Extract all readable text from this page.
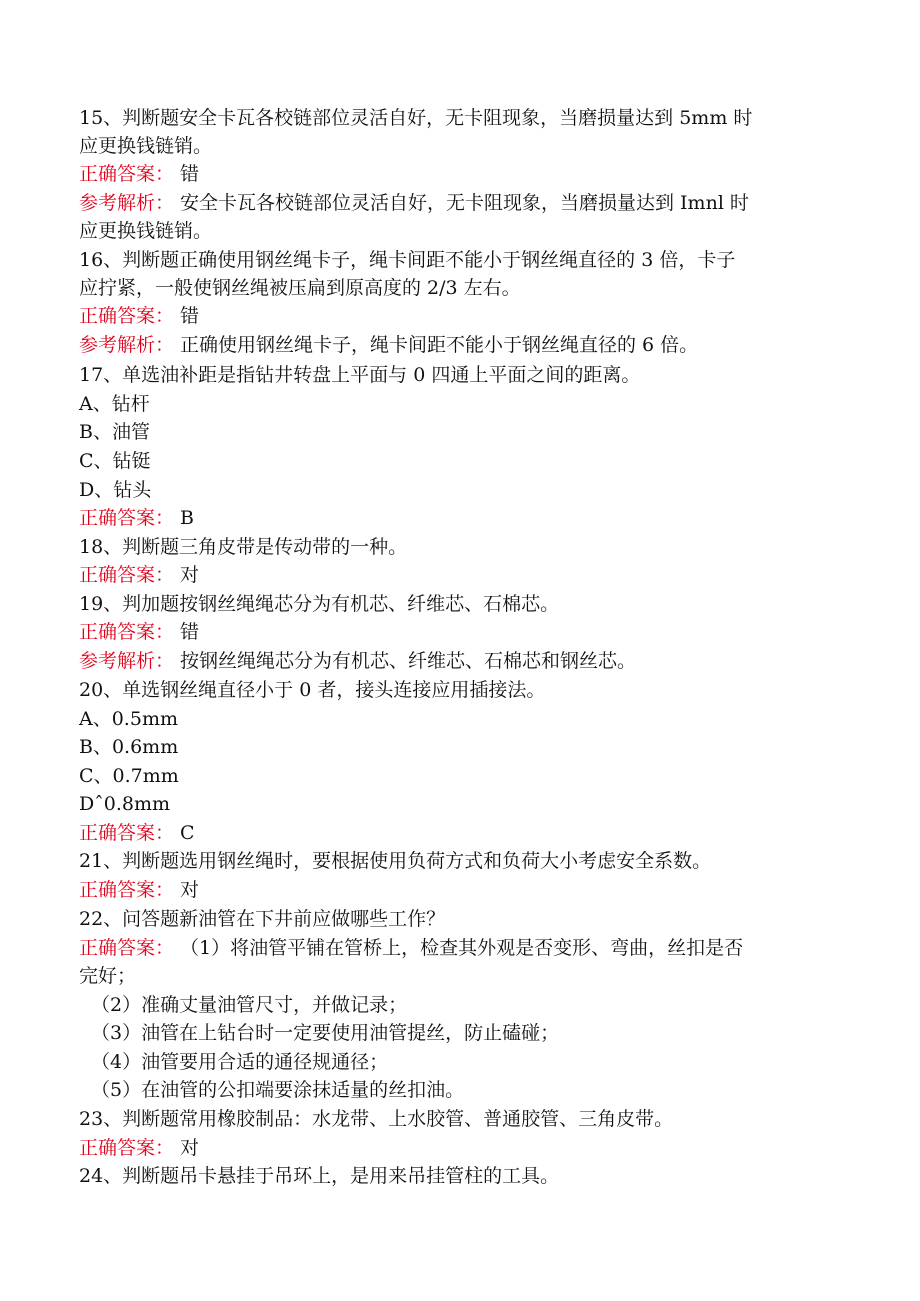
15、判断题安全卡瓦各校链部位灵活自好，无卡阻现象，当磨损量达到 5mm 时
应更换钱链销。
正确答案： 错
参考解析： 安全卡瓦各校链部位灵活自好，无卡阻现象，当磨损量达到 Imnl 时
应更换钱链销。
16、判断题正确使用钢丝绳卡子，绳卡间距不能小于钢丝绳直径的 3 倍，卡子
应拧紧，一般使钢丝绳被压扁到原高度的 2/3 左右。
正确答案： 错
参考解析： 正确使用钢丝绳卡子，绳卡间距不能小于钢丝绳直径的 6 倍。
17、单选油补距是指钻井转盘上平面与 0 四通上平面之间的距离。
A、钻杆
B、油管
C、钻铤
D、钻头
正确答案： B
18、判断题三角皮带是传动带的一种。
正确答案： 对
19、判加题按钢丝绳绳芯分为有机芯、纤维芯、石棉芯。
正确答案： 错
参考解析： 按钢丝绳绳芯分为有机芯、纤维芯、石棉芯和钢丝芯。
20、单选钢丝绳直径小于 0 者，接头连接应用插接法。
A、0.5mm
B、0.6mm
C、0.7mm
Dˆ0.8mm
正确答案： C
21、判断题选用钢丝绳时，要根据使用负荷方式和负荷大小考虑安全系数。
正确答案： 对
22、问答题新油管在下井前应做哪些工作？
正确答案： （1）将油管平铺在管桥上，检查其外观是否变形、弯曲，丝扣是否
完好；
（2）准确丈量油管尺寸，并做记录；
（3）油管在上钻台时一定要使用油管提丝，防止磕碰；
（4）油管要用合适的通径规通径；
（5）在油管的公扣端要涂抹适量的丝扣油。
23、判断题常用橡胶制品：水龙带、上水胶管、普通胶管、三角皮带。
正确答案： 对
24、判断题吊卡悬挂于吊环上，是用来吊挂管柱的工具。
